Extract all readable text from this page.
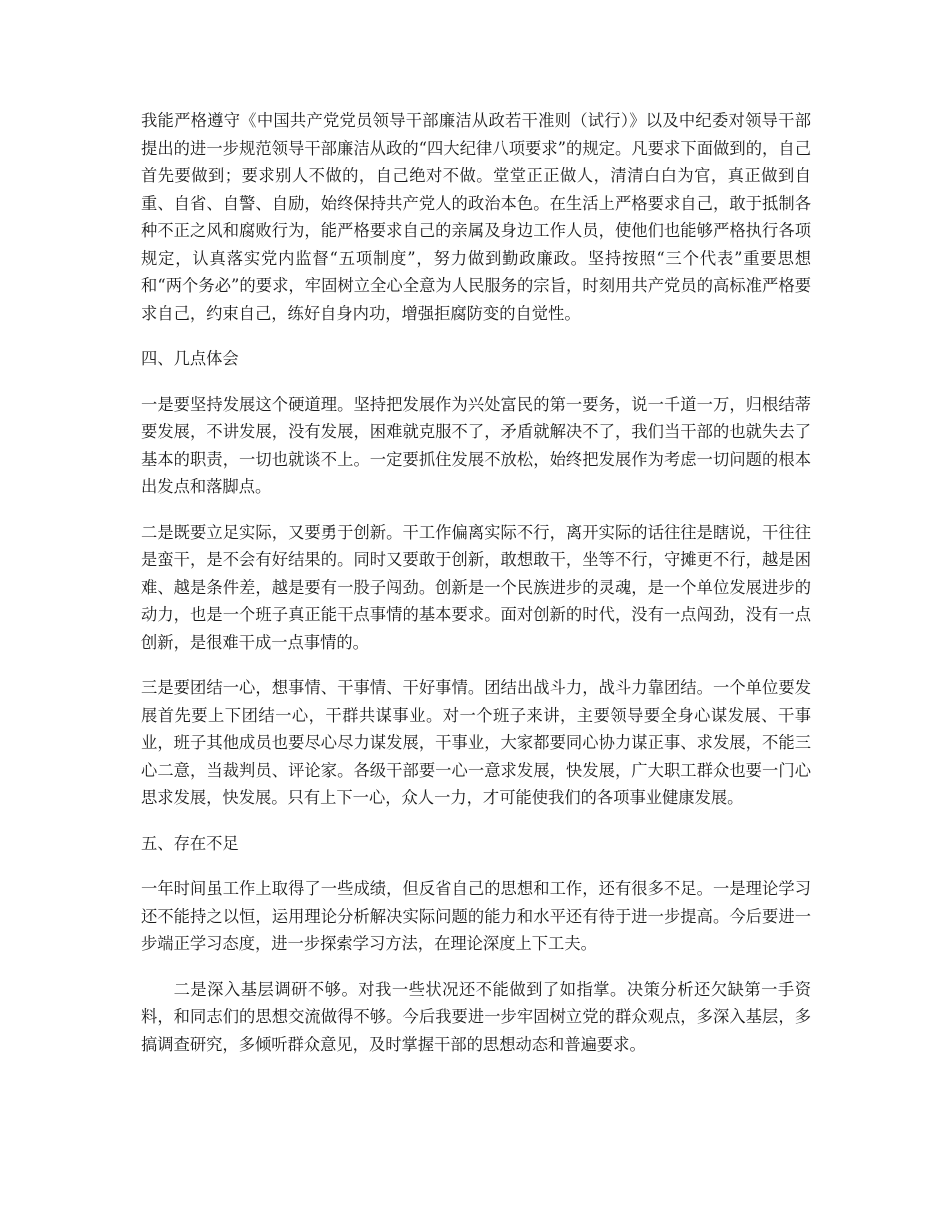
我能严格遵守《中国共产党党员领导干部廉洁从政若干准则（试行）》以及中纪委对领导干部提出的进一步规范领导干部廉洁从政的“四大纪律八项要求”的规定。凡要求下面做到的，自己首先要做到；要求别人不做的，自己绝对不做。堂堂正正做人，清清白白为官，真正做到自重、自省、自警、自励，始终保持共产党人的政治本色。在生活上严格要求自己，敢于抵制各种不正之风和腐败行为，能严格要求自己的亲属及身边工作人员，使他们也能够严格执行各项规定，认真落实党内监督“五项制度”，努力做到勤政廉政。坚持按照“三个代表”重要思想和“两个务必”的要求，牢固树立全心全意为人民服务的宗旨，时刻用共产党员的高标准严格要求自己，约束自己，练好自身内功，增强拒腐防变的自觉性。

四、几点体会

一是要坚持发展这个硬道理。坚持把发展作为兴处富民的第一要务，说一千道一万，归根结蒂要发展，不讲发展，没有发展，困难就克服不了，矛盾就解决不了，我们当干部的也就失去了基本的职责，一切也就谈不上。一定要抓住发展不放松，始终把发展作为考虑一切问题的根本出发点和落脚点。

二是既要立足实际，又要勇于创新。干工作偏离实际不行，离开实际的话往往是瞎说，干往往是蛮干，是不会有好结果的。同时又要敢于创新，敢想敢干，坐等不行，守摊更不行，越是困难、越是条件差，越是要有一股子闯劲。创新是一个民族进步的灵魂，是一个单位发展进步的动力，也是一个班子真正能干点事情的基本要求。面对创新的时代，没有一点闯劲，没有一点创新，是很难干成一点事情的。

三是要团结一心，想事情、干事情、干好事情。团结出战斗力，战斗力靠团结。一个单位要发展首先要上下团结一心，干群共谋事业。对一个班子来讲，主要领导要全身心谋发展、干事业，班子其他成员也要尽心尽力谋发展，干事业，大家都要同心协力谋正事、求发展，不能三心二意，当裁判员、评论家。各级干部要一心一意求发展，快发展，广大职工群众也要一门心思求发展，快发展。只有上下一心，众人一力，才可能使我们的各项事业健康发展。

五、存在不足

一年时间虽工作上取得了一些成绩，但反省自己的思想和工作，还有很多不足。一是理论学习还不能持之以恒，运用理论分析解决实际问题的能力和水平还有待于进一步提高。今后要进一步端正学习态度，进一步探索学习方法，在理论深度上下工夫。

二是深入基层调研不够。对我一些状况还不能做到了如指掌。决策分析还欠缺第一手资料，和同志们的思想交流做得不够。今后我要进一步牢固树立党的群众观点，多深入基层，多搞调查研究，多倾听群众意见，及时掌握干部的思想动态和普遍要求。
